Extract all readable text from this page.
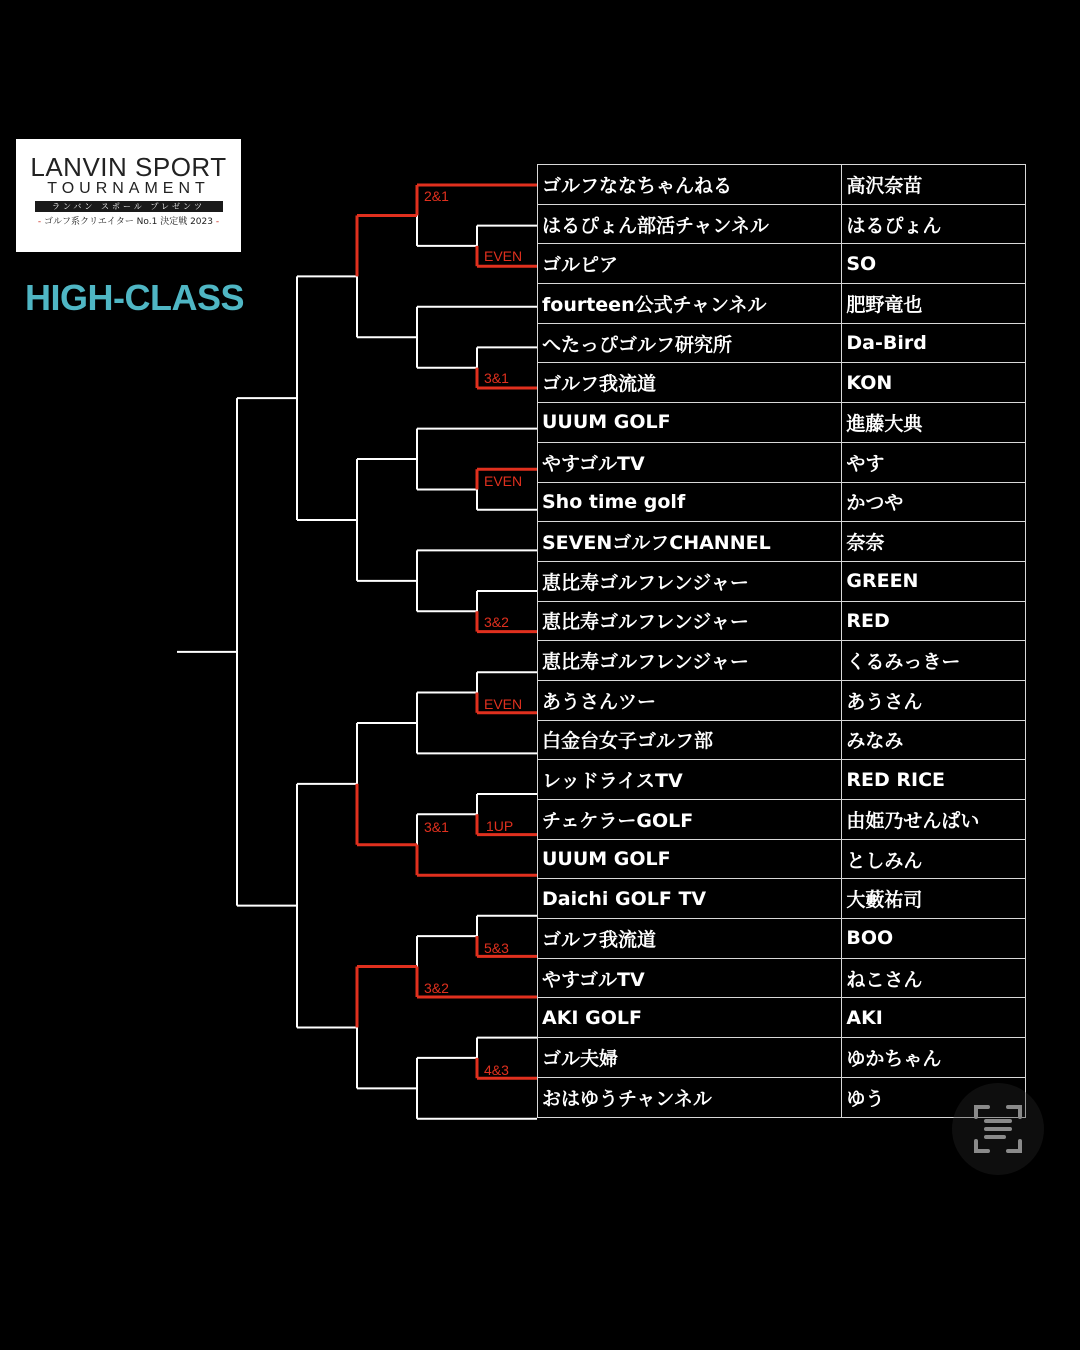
LANVIN SPORT
TOURNAMENT
ランバン スポール プレゼンツ
- ゴルフ系クリエイター No.1 決定戦 2023 -
HIGH-CLASS
EVEN
3&1
EVEN
3&2
EVEN
1UP
5&3
4&3
2&1
3&1
3&2
ゴルフななちゃんねる	高沢奈苗
はるぴょん部活チャンネル	はるぴょん
ゴルピア	SO
fourteen公式チャンネル	肥野竜也
へたっぴゴルフ研究所	Da-Bird
ゴルフ我流道	KON
UUUM GOLF	進藤大典
やすゴルTV	やす
Sho time golf	かつや
SEVENゴルフCHANNEL	奈奈
恵比寿ゴルフレンジャー	GREEN
恵比寿ゴルフレンジャー	RED
恵比寿ゴルフレンジャー	くるみっきー
あうさんツー	あうさん
白金台女子ゴルフ部	みなみ
レッドライスTV	RED RICE
チェケラーGOLF	由姫乃せんぱい
UUUM GOLF	としみん
Daichi GOLF TV	大藪祐司
ゴルフ我流道	BOO
やすゴルTV	ねこさん
AKI GOLF	AKI
ゴル夫婦	ゆかちゃん
おはゆうチャンネル	ゆう
